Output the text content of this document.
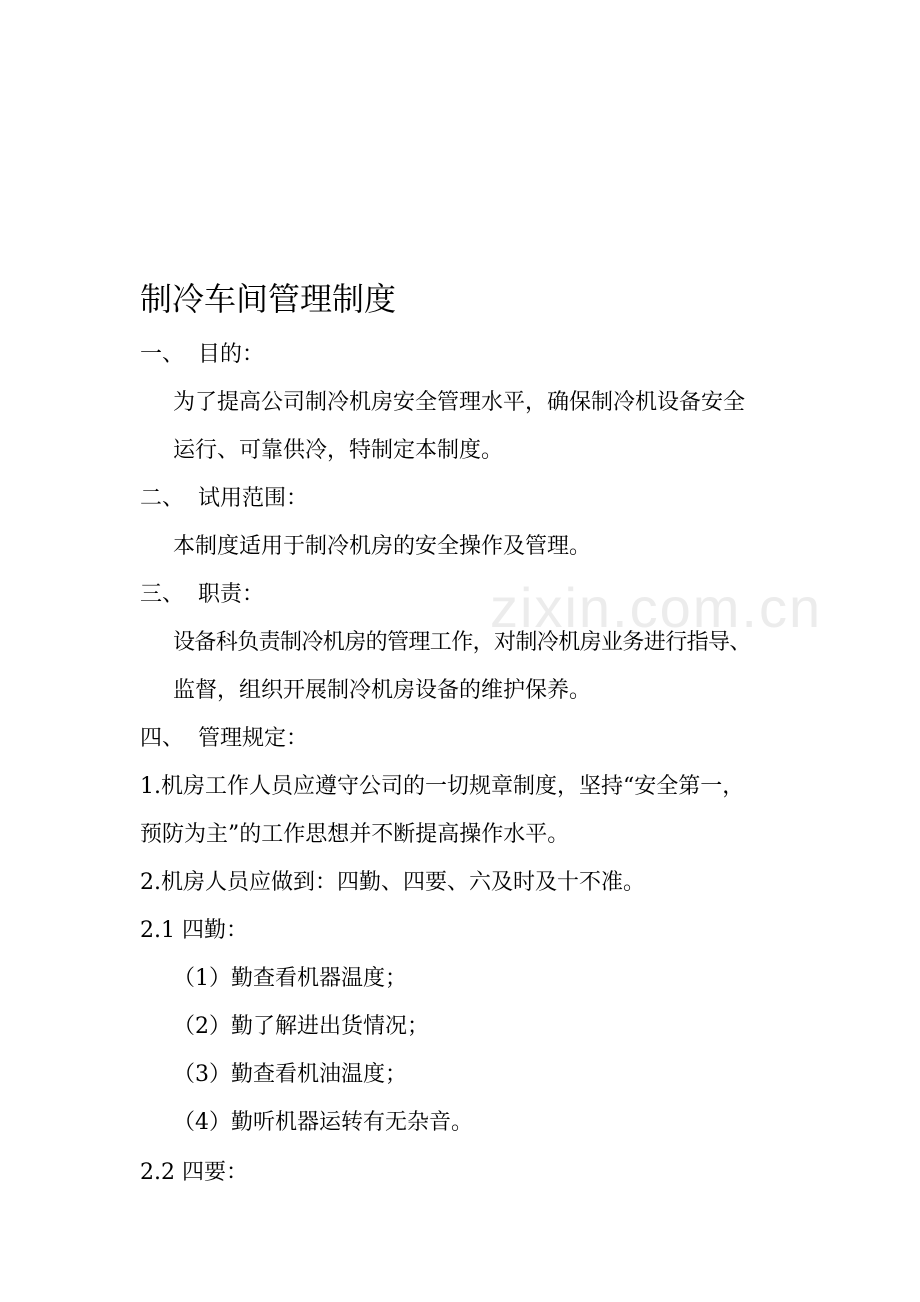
zixin.com.cn
制冷车间管理制度
一、 目的：
为了提高公司制冷机房安全管理水平，确保制冷机设备安全
运行、可靠供冷，特制定本制度。
二、 试用范围：
本制度适用于制冷机房的安全操作及管理。
三、 职责：
设备科负责制冷机房的管理工作，对制冷机房业务进行指导、
监督，组织开展制冷机房设备的维护保养。
四、 管理规定：
1.机房工作人员应遵守公司的一切规章制度，坚持“安全第一，
预防为主”的工作思想并不断提高操作水平。
2.机房人员应做到：四勤、四要、六及时及十不准。
2.1 四勤：
（1）勤查看机器温度；
（2）勤了解进出货情况；
（3）勤查看机油温度；
（4）勤听机器运转有无杂音。
2.2 四要：
